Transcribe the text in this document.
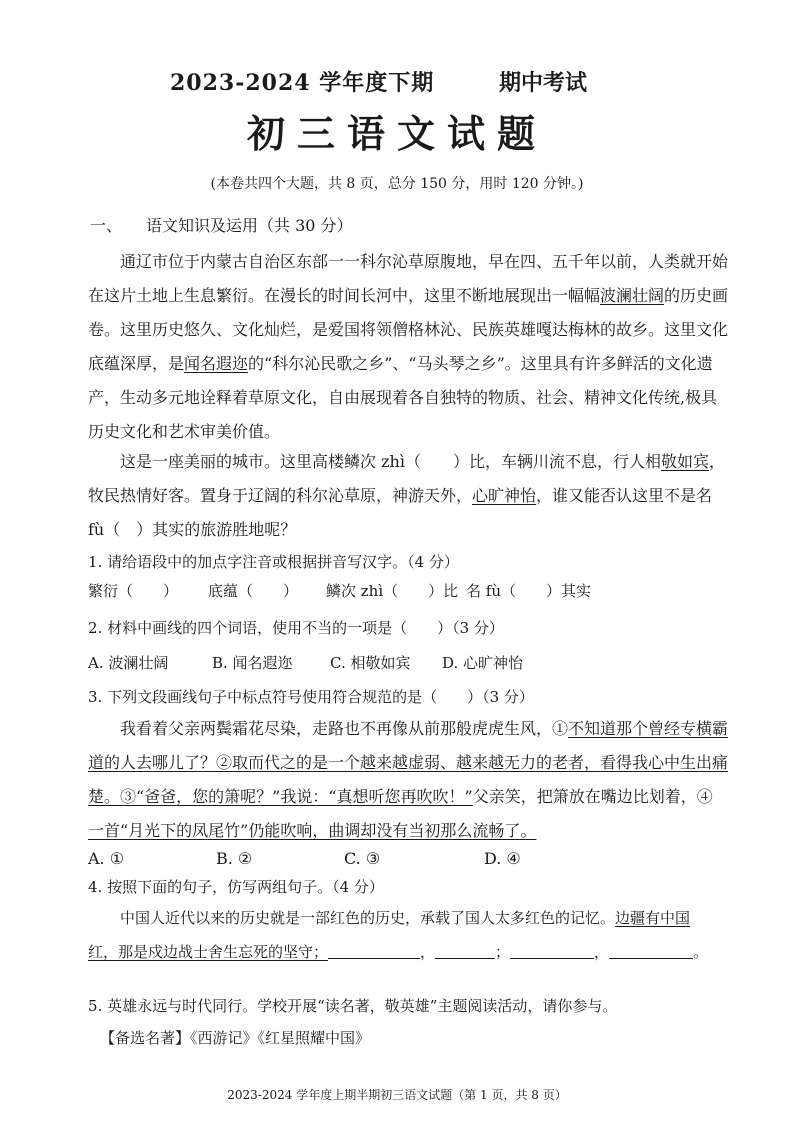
2023-2024 学年度下期	期中考试
初三语文试题
(本卷共四个大题，共 8 页，总分 150 分，用时 120 分钟。)
一、 语文知识及运用（共 30 分）
通辽市位于内蒙古自治区东部一一科尔沁草原腹地，早在四、五千年以前，人类就开始
在这片土地上生息繁衍。在漫长的时间长河中，这里不断地展现出一幅幅波澜壮阔的历史画
卷。这里历史悠久、文化灿烂，是爱国将领僧格林沁、民族英雄嘎达梅林的故乡。这里文化
底蕴深厚，是闻名遐迩的“科尔沁民歌之乡”、“马头琴之乡”。这里具有许多鲜活的文化遗
产，生动多元地诠释着草原文化，自由展现着各自独特的物质、社会、精神文化传统,极具
历史文化和艺术审美价值。
这是一座美丽的城市。这里高楼鳞次 zhì（　　）比，车辆川流不息，行人相敬如宾，
牧民热情好客。置身于辽阔的科尔沁草原，神游天外，心旷神怡，谁又能否认这里不是名
fù（　）其实的旅游胜地呢？
1. 请给语段中的加点字注音或根据拼音写汉字。（4 分）
繁衍（　　） 底蕴（　　） 鳞次 zhì（　　）比 名 fù（　　）其实
2. 材料中画线的四个词语，使用不当的一项是（　　）（3 分）
A. 波澜壮阔	B. 闻名遐迩 C. 相敬如宾 D. 心旷神怡
3. 下列文段画线句子中标点符号使用符合规范的是（　　）（3 分）
我看着父亲两鬓霜花尽染，走路也不再像从前那般虎虎生风，①不知道那个曾经专横霸
道的人去哪儿了？②取而代之的是一个越来越虚弱、越来越无力的老者，看得我心中生出痛
楚。③“爸爸，您的箫呢？”我说：“真想听您再吹吹！”父亲笑，把箫放在嘴边比划着，④
一首“月光下的凤尾竹”仍能吹响，曲调却没有当初那么流畅了。
A. ①	B. ②	C. ③	D. ④
4. 按照下面的句子，仿写两组句子。（4 分）
中国人近代以来的历史就是一部红色的历史，承载了国人太多红色的记忆。边疆有中国
红，那是戍边战士舍生忘死的坚守；	，	；	，	。
5. 英雄永远与时代同行。学校开展“读名著，敬英雄”主题阅读活动，请你参与。
【备选名著】《西游记》《红星照耀中国》
2023-2024 学年度上期半期初三语文试题（第 1 页，共 8 页）
